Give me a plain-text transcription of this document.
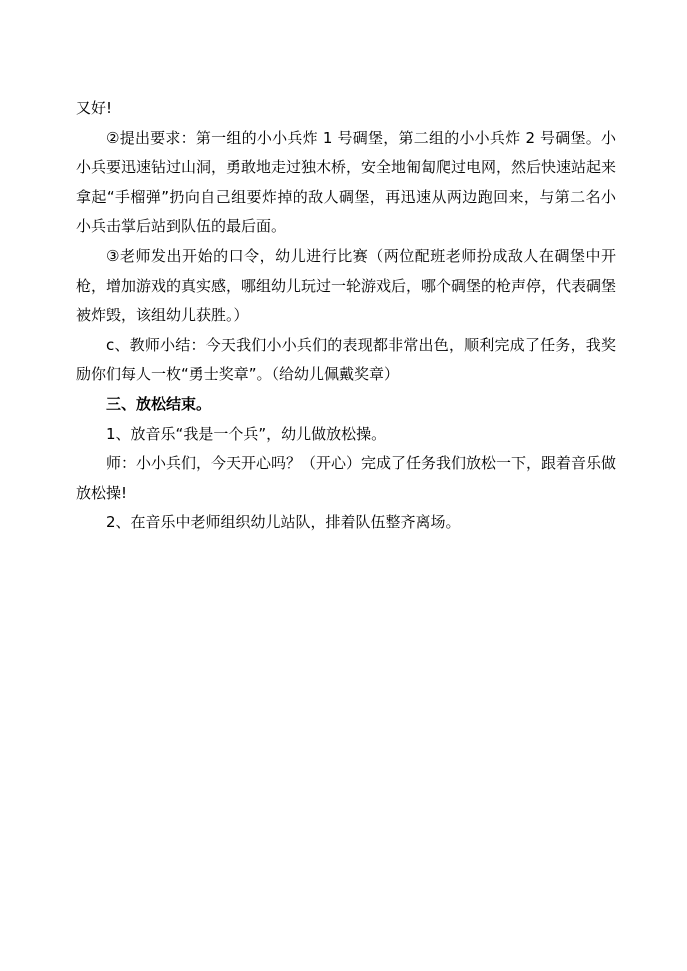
又好!

②提出要求：第一组的小小兵炸 1 号碉堡，第二组的小小兵炸 2 号碉堡。小小兵要迅速钻过山洞，勇敢地走过独木桥，安全地匍匐爬过电网，然后快速站起来拿起“手榴弹”扔向自己组要炸掉的敌人碉堡，再迅速从两边跑回来，与第二名小小兵击掌后站到队伍的最后面。

③老师发出开始的口令，幼儿进行比赛（两位配班老师扮成敌人在碉堡中开枪，增加游戏的真实感，哪组幼儿玩过一轮游戏后，哪个碉堡的枪声停，代表碉堡被炸毁，该组幼儿获胜。）

c、教师小结：今天我们小小兵们的表现都非常出色，顺利完成了任务，我奖励你们每人一枚“勇士奖章”。（给幼儿佩戴奖章）

三、放松结束。

1、放音乐“我是一个兵”，幼儿做放松操。

师：小小兵们，今天开心吗？（开心）完成了任务我们放松一下，跟着音乐做放松操!

2、在音乐中老师组织幼儿站队，排着队伍整齐离场。
